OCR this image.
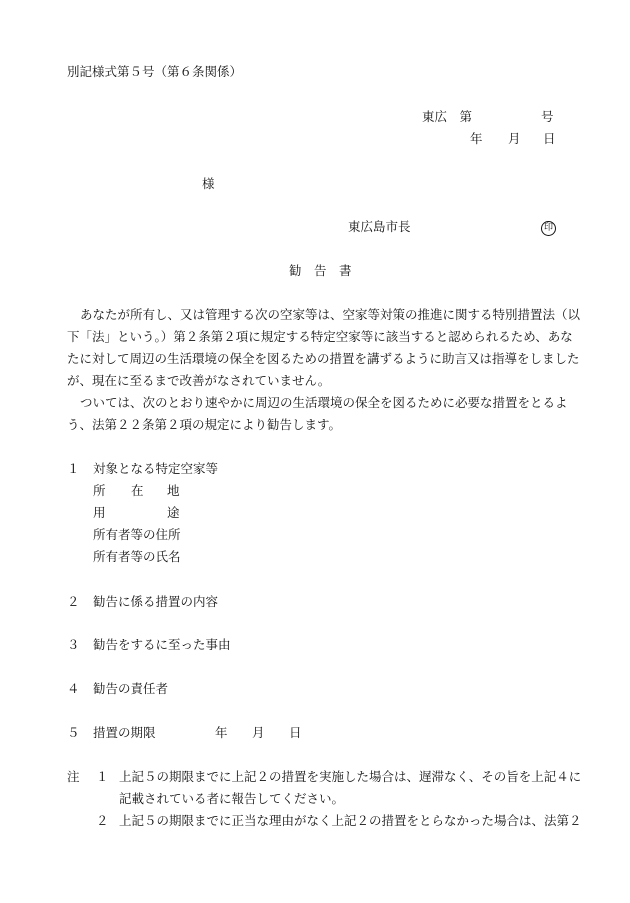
別記様式第５号（第６条関係）
東広　第	号
年 月 日
様
東広島市長	印
勧　告　書
あなたが所有し、又は管理する次の空家等は、空家等対策の推進に関する特別措置法（以
下「法」という。）第２条第２項に規定する特定空家等に該当すると認められるため、あな
たに対して周辺の生活環境の保全を図るための措置を講ずるように助言又は指導をしました
が、現在に至るまで改善がなされていません。
ついては、次のとおり速やかに周辺の生活環境の保全を図るために必要な措置をとるよ
う、法第２２条第２項の規定により勧告します。
１ 対象となる特定空家等
所 在 地
用	途
所有者等の住所
所有者等の氏名
２ 勧告に係る措置の内容
３ 勧告をするに至った事由
４ 勧告の責任者
５ 措置の期限	年 月 日
注 １ 上記５の期限までに上記２の措置を実施した場合は、遅滞なく、その旨を上記４に
記載されている者に報告してください。
２ 上記５の期限までに正当な理由がなく上記２の措置をとらなかった場合は、法第２
